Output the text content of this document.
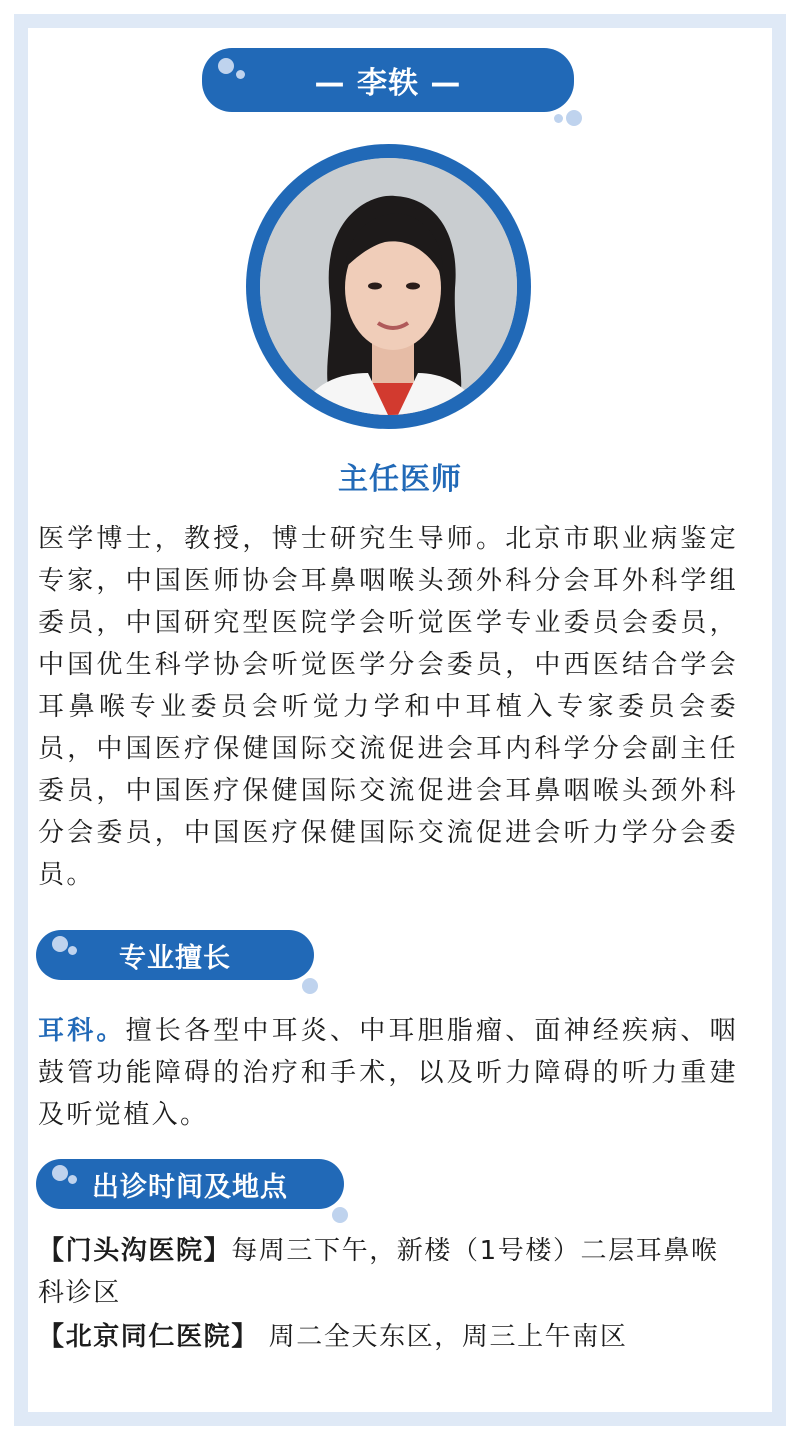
— 李轶 —
主任医师

医学博士，教授，博士研究生导师。北京市职业病鉴定专家，中国医师协会耳鼻咽喉头颈外科分会耳外科学组委员，中国研究型医院学会听觉医学专业委员会委员，中国优生科学协会听觉医学分会委员，中西医结合学会耳鼻喉专业委员会听觉力学和中耳植入专家委员会委员，中国医疗保健国际交流促进会耳内科学分会副主任委员，中国医疗保健国际交流促进会耳鼻咽喉头颈外科分会委员，中国医疗保健国际交流促进会听力学分会委员。

专业擅长

耳科。擅长各型中耳炎、中耳胆脂瘤、面神经疾病、咽鼓管功能障碍的治疗和手术，以及听力障碍的听力重建及听觉植入。

出诊时间及地点

【门头沟医院】每周三下午，新楼（1号楼）二层耳鼻喉科诊区

【北京同仁医院】 周二全天东区，周三上午南区
